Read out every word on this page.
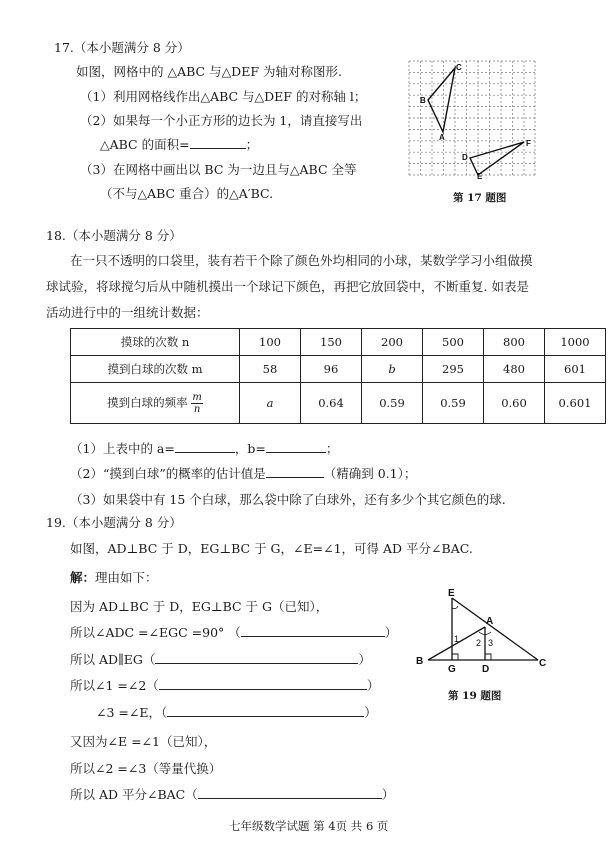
17.（本小题满分 8 分）
如图，网格中的 △ABC 与△DEF 为轴对称图形.
（1）利用网格线作出△ABC 与△DEF 的对称轴 l；
（2）如果每一个小正方形的边长为 1，请直接写出
△ABC 的面积=	；
（3）在网格中画出以 BC 为一边且与△ABC 全等
（不与△ABC 重合）的△A′BC.
C
B
A
D
F
E
第 17 题图
18.（本小题满分 8 分）
在一只不透明的口袋里，装有若干个除了颜色外均相同的小球，某数学学习小组做摸
球试验，将球搅匀后从中随机摸出一个球记下颜色，再把它放回袋中，不断重复. 如表是
活动进行中的一组统计数据：
摸球的次数 n	100	150	200	500	800	1000
摸到白球的次数 m	58	96	b	295	480	601
摸到白球的频率 $\frac{m}{n}$	a	0.64	0.59	0.59	0.60	0.601
（1）上表中的 a=	，b=	；
（2）“摸到白球”的概率的估计值是	（精确到 0.1）；
（3）如果袋中有 15 个白球，那么袋中除了白球外，还有多少个其它颜色的球.
19.（本小题满分 8 分）
如图，AD⊥BC 于 D，EG⊥BC 于 G，∠E=∠1，可得 AD 平分∠BAC.
解：理由如下：
因为 AD⊥BC 于 D，EG⊥BC 于 G（已知），
所以∠ADC =∠EGC =90° （	）
所以 AD∥EG（	）
所以∠1 =∠2（	）
∠3 =∠E，（	）
又因为∠E =∠1（已知），
所以∠2 =∠3（等量代换）
所以 AD 平分∠BAC（	）
E
A
B
G	D
C
1 2 3
第 19 题图
七年级数学试题 第 4页 共 6 页
